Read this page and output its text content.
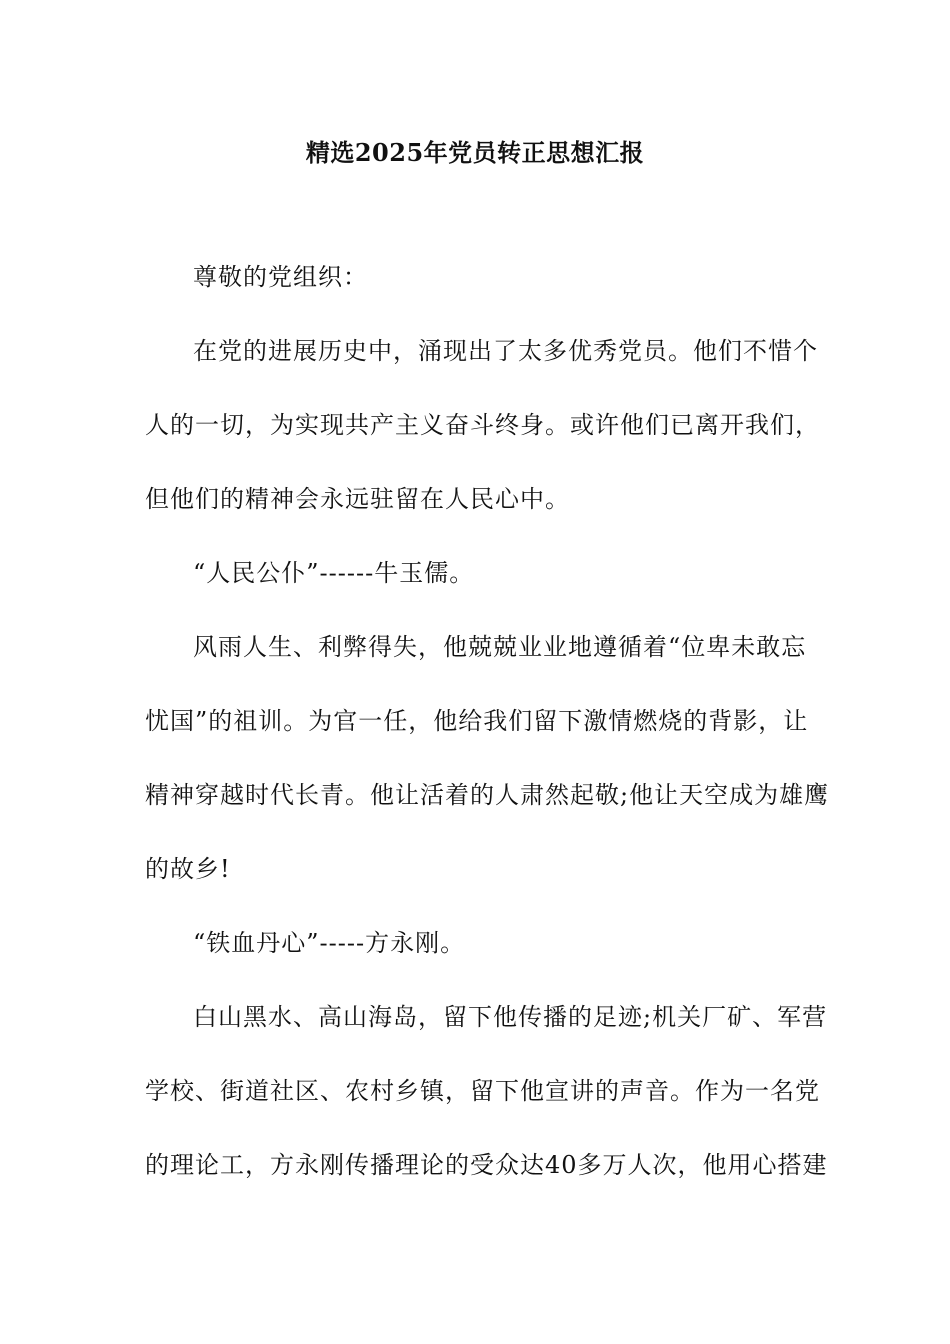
精选2025年党员转正思想汇报
尊敬的党组织：
在党的进展历史中，涌现出了太多优秀党员。他们不惜个
人的一切，为实现共产主义奋斗终身。或许他们已离开我们，
但他们的精神会永远驻留在人民心中。
“人民公仆”------牛玉儒。
风雨人生、利弊得失，他兢兢业业地遵循着“位卑未敢忘
忧国”的祖训。为官一任，他给我们留下激情燃烧的背影，让
精神穿越时代长青。他让活着的人肃然起敬;他让天空成为雄鹰
的故乡!
“铁血丹心”-----方永刚。
白山黑水、高山海岛，留下他传播的足迹;机关厂矿、军营
学校、街道社区、农村乡镇，留下他宣讲的声音。作为一名党
的理论工，方永刚传播理论的受众达40多万人次，他用心搭建
